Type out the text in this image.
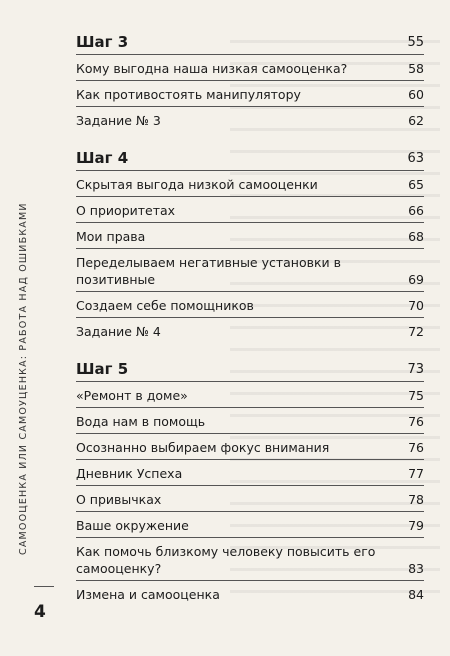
САМООЦЕНКА ИЛИ САМОУЦЕНКА: РАБОТА НАД ОШИБКАМИ
4
Шаг 3	55
Кому выгодна наша низкая самооценка?	58
Как противостоять манипулятору	60
Задание № 3	62
Шаг 4	63
Скрытая выгода низкой самооценки	65
О приоритетах	66
Мои права	68
Переделываем негативные установки в позитивные	69
Создаем себе помощников	70
Задание № 4	72
Шаг 5	73
«Ремонт в доме»	75
Вода нам в помощь	76
Осознанно выбираем фокус внимания	76
Дневник Успеха	77
О привычках	78
Ваше окружение	79
Как помочь близкому человеку повысить его самооценку?	83
Измена и самооценка	84
